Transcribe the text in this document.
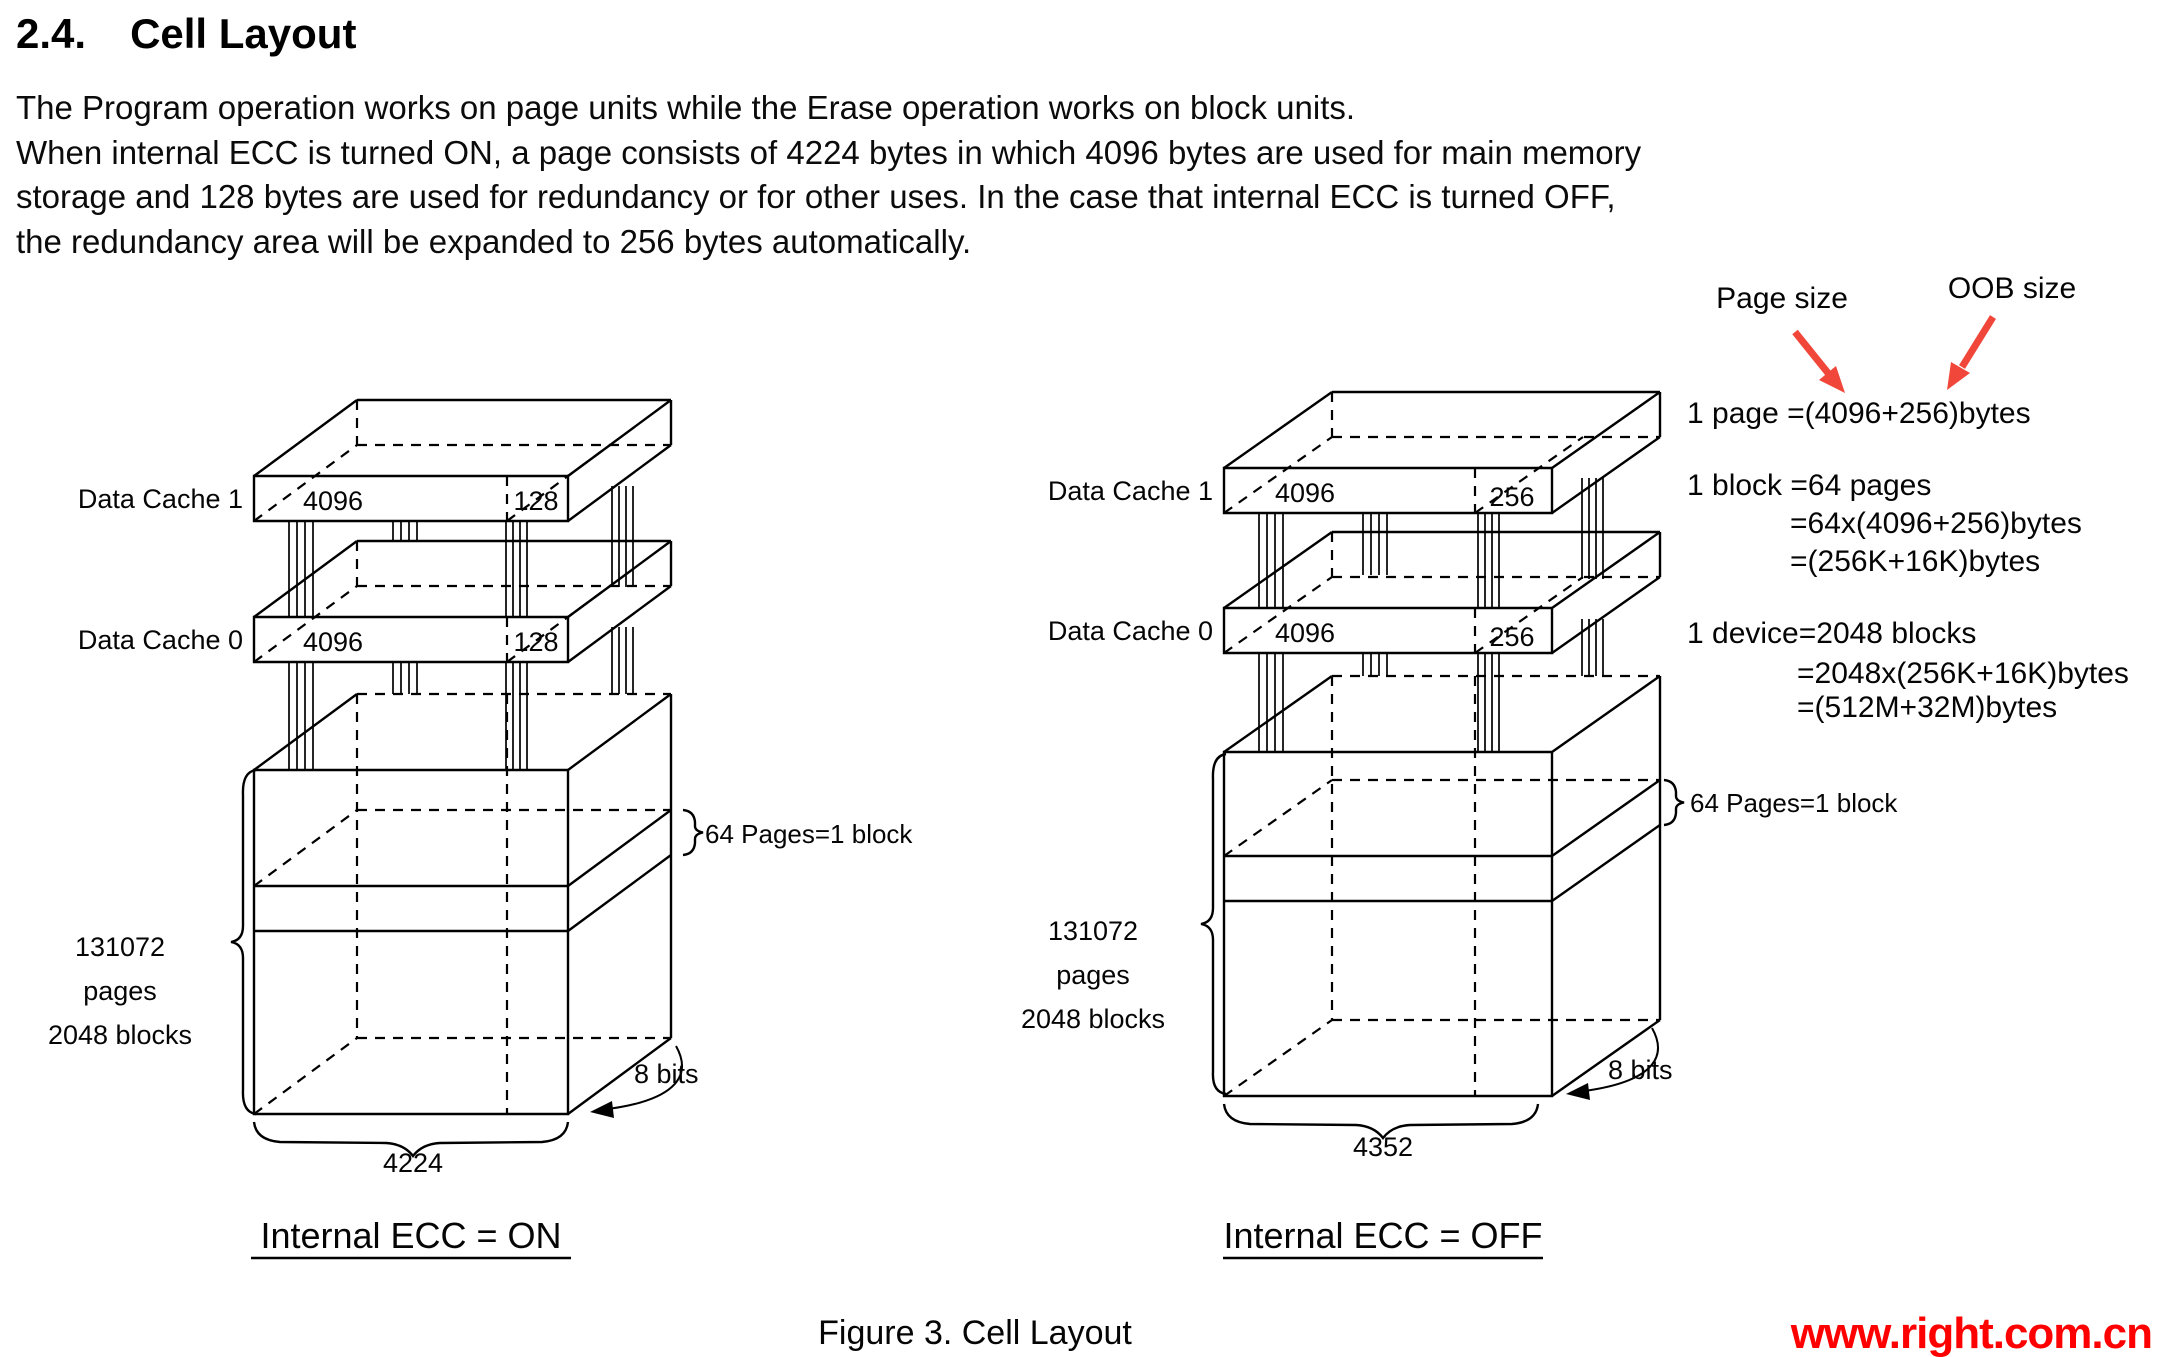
2.4. Cell Layout
The Program operation works on page units while the Erase operation works on block units.
When internal ECC is turned ON, a page consists of 4224 bytes in which 4096 bytes are used for main memory
storage and 128 bytes are used for redundancy or for other uses. In the case that internal ECC is turned OFF,
the redundancy area will be expanded to 256 bytes automatically.
Data Cache 1
Data Cache 0
4096	128
4096	128
131072
pages
2048 blocks
64 Pages=1 block
4224
8 bits
Internal ECC = ON
Data Cache 1
Data Cache 0
4096	256
4096	256
131072
pages
2048 blocks
64 Pages=1 block
4352
8 bits
Internal ECC = OFF
Page size	OOB size
1 page =(4096+256)bytes
1 block =64 pages
=64x(4096+256)bytes
=(256K+16K)bytes
1 device=2048 blocks
=2048x(256K+16K)bytes
=(512M+32M)bytes
Figure 3. Cell Layout	www.right.com.cn
